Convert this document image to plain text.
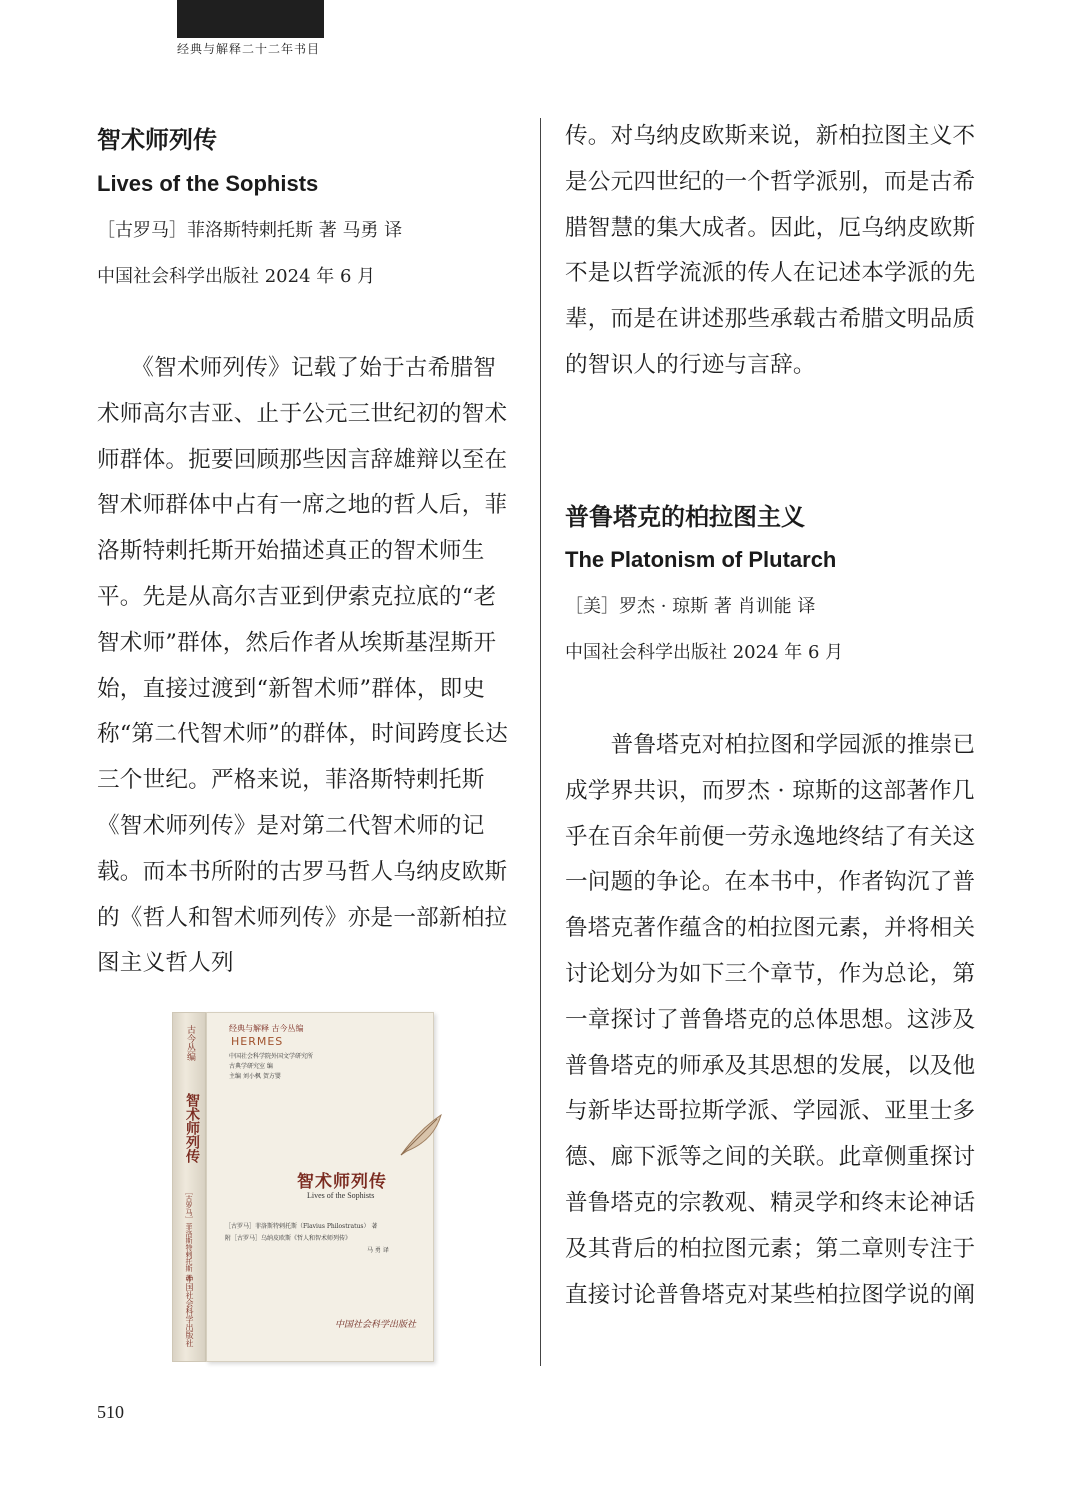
经典与解释二十二年书目
智术师列传
Lives of the Sophists
［古罗马］菲洛斯特剌托斯 著 马勇 译
中国社会科学出版社 2024 年 6 月

　　《智术师列传》记载了始于古希腊智术师高尔吉亚、止于公元三世纪初的智术师群体。扼要回顾那些因言辞雄辩以至在智术师群体中占有一席之地的哲人后，菲洛斯特剌托斯开始描述真正的智术师生平。先是从高尔吉亚到伊索克拉底的“老智术师”群体，然后作者从埃斯基涅斯开始，直接过渡到“新智术师”群体，即史称“第二代智术师”的群体，时间跨度长达三个世纪。严格来说，菲洛斯特剌托斯《智术师列传》是对第二代智术师的记载。而本书所附的古罗马哲人乌纳皮欧斯的《哲人和智术师列传》亦是一部新柏拉图主义哲人列

古今丛编
智术师列传
［古罗马］菲洛斯特剌托斯 著
中国社会科学出版社
经典与解释 古今丛编
HERMES
中国社会科学院外国文学研究所
古典学研究室 编
主编 刘小枫 贺方婴
智术师列传
Lives of the Sophists
［古罗马］菲洛斯特剌托斯（Flavius Philostratus） 著
附［古罗马］乌纳皮欧斯《哲人和智术师列传》
马 勇 译
中国社会科学出版社

传。对乌纳皮欧斯来说，新柏拉图主义不是公元四世纪的一个哲学派别，而是古希腊智慧的集大成者。因此，厄乌纳皮欧斯不是以哲学流派的传人在记述本学派的先辈，而是在讲述那些承载古希腊文明品质的智识人的行迹与言辞。

普鲁塔克的柏拉图主义
The Platonism of Plutarch
［美］罗杰 · 琼斯 著 肖训能 译
中国社会科学出版社 2024 年 6 月

　　普鲁塔克对柏拉图和学园派的推崇已成学界共识，而罗杰 · 琼斯的这部著作几乎在百余年前便一劳永逸地终结了有关这一问题的争论。在本书中，作者钩沉了普鲁塔克著作蕴含的柏拉图元素，并将相关讨论划分为如下三个章节，作为总论，第一章探讨了普鲁塔克的总体思想。这涉及普鲁塔克的师承及其思想的发展，以及他与新毕达哥拉斯学派、学园派、亚里士多德、廊下派等之间的关联。此章侧重探讨普鲁塔克的宗教观、精灵学和终末论神话及其背后的柏拉图元素；第二章则专注于直接讨论普鲁塔克对某些柏拉图学说的阐

510
